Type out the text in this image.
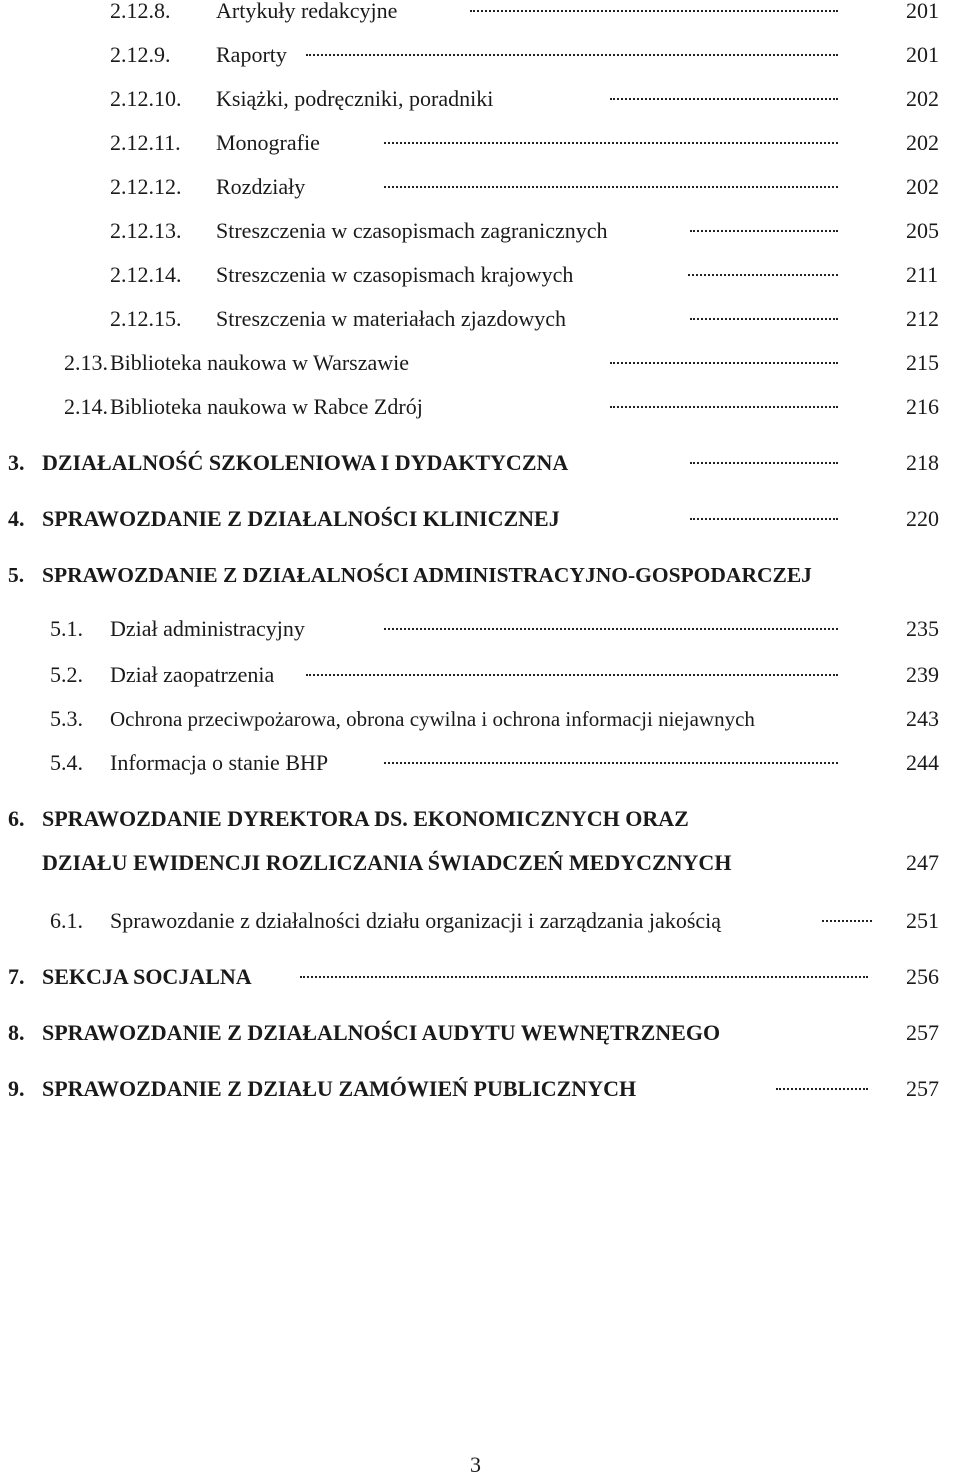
2.12.8. Artykuły redakcyjne	201
2.12.9. Raporty	201
2.12.10. Książki, podręczniki, poradniki	202
2.12.11. Monografie	202
2.12.12. Rozdziały	202
2.12.13. Streszczenia w czasopismach zagranicznych	205
2.12.14. Streszczenia w czasopismach krajowych	211
2.12.15. Streszczenia w materiałach zjazdowych	212
2.13. Biblioteka naukowa w Warszawie	215
2.14. Biblioteka naukowa w Rabce Zdrój	216
3. DZIAŁALNOŚĆ SZKOLENIOWA I DYDAKTYCZNA	218
4. SPRAWOZDANIE Z DZIAŁALNOŚCI KLINICZNEJ	220
5. SPRAWOZDANIE Z DZIAŁALNOŚCI ADMINISTRACYJNO-GOSPODARCZEJ
5.1. Dział administracyjny	235
5.2. Dział zaopatrzenia	239
5.3. Ochrona przeciwpożarowa, obrona cywilna i ochrona informacji niejawnych	243
5.4. Informacja o stanie BHP	244
6. SPRAWOZDANIE DYREKTORA DS. EKONOMICZNYCH ORAZ
DZIAŁU EWIDENCJI ROZLICZANIA ŚWIADCZEŃ MEDYCZNYCH	247
6.1. Sprawozdanie z działalności działu organizacji i zarządzania jakością	251
7. SEKCJA SOCJALNA	256
8. SPRAWOZDANIE Z DZIAŁALNOŚCI AUDYTU WEWNĘTRZNEGO	257
9. SPRAWOZDANIE Z DZIAŁU ZAMÓWIEŃ PUBLICZNYCH	257
3
